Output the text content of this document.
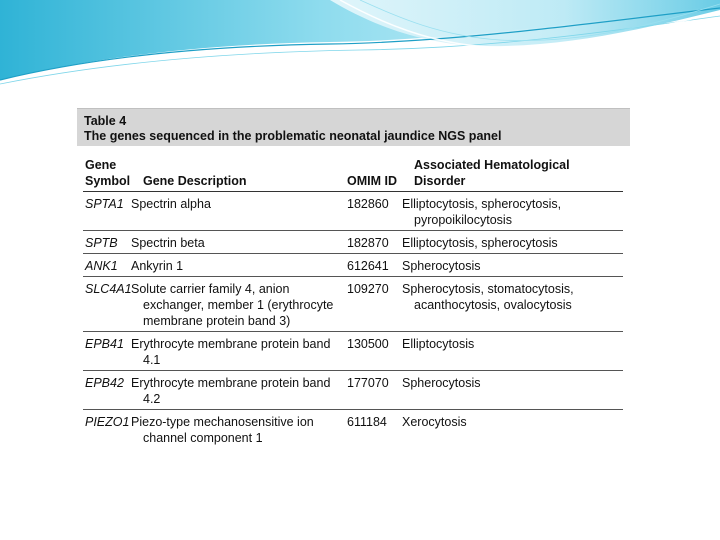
Table 4
The genes sequenced in the problematic neonatal jaundice NGS panel
Gene
Symbol	Gene Description	OMIM ID	Associated Hematological
Disorder
SPTA1	Spectrin alpha	182860	Elliptocytosis, spherocytosis, pyropoikilocytosis
SPTB	Spectrin beta	182870	Elliptocytosis, spherocytosis
ANK1	Ankyrin 1	612641	Spherocytosis
SLC4A1	Solute carrier family 4, anion exchanger, member 1 (erythrocyte membrane protein band 3)	109270	Spherocytosis, stomatocytosis, acanthocytosis, ovalocytosis
EPB41	Erythrocyte membrane protein band 4.1	130500	Elliptocytosis
EPB42	Erythrocyte membrane protein band 4.2	177070	Spherocytosis
PIEZO1	Piezo-type mechanosensitive ion channel component 1	611184	Xerocytosis
